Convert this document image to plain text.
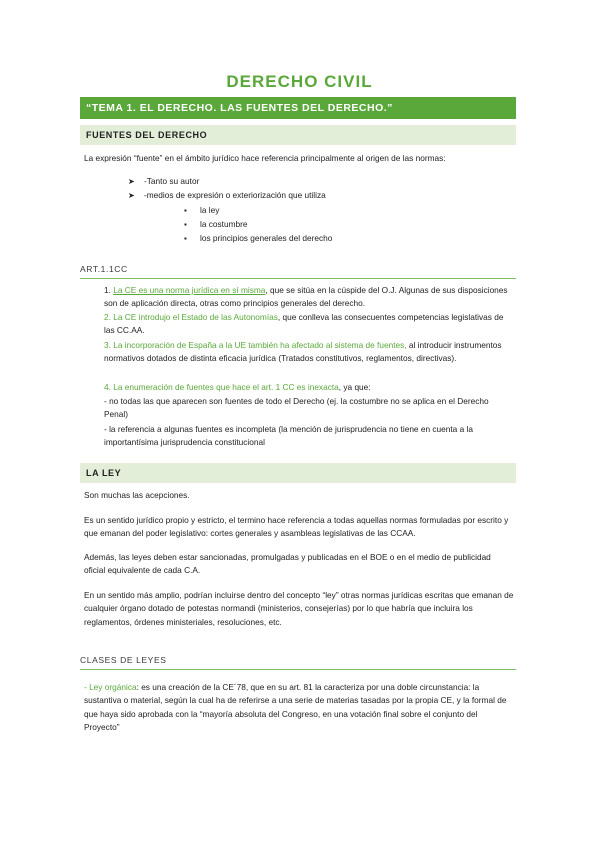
DERECHO CIVIL
“TEMA 1. EL DERECHO. LAS FUENTES DEL DERECHO.”
FUENTES DEL DERECHO
La expresión “fuente” en el ámbito jurídico hace referencia principalmente al origen de las normas:
➤ -Tanto su autor
➤ -medios de expresión o exteriorización que utiliza
▪ la ley
▪ la costumbre
▪ los principios generales del derecho
ART.1.1CC
1. La CE es una norma jurídica en sí misma, que se sitúa en la cúspide del O.J. Algunas de sus disposiciones son de aplicación directa, otras como principios generales del derecho.
2. La CE introdujo el Estado de las Autonomías, que conlleva las consecuentes competencias legislativas de las CC.AA.
3. La incorporación de España a la UE también ha afectado al sistema de fuentes, al introducir instrumentos normativos dotados de distinta eficacia jurídica (Tratados constitutivos, reglamentos, directivas).
4. La enumeración de fuentes que hace el art. 1 CC es inexacta, ya que:
- no todas las que aparecen son fuentes de todo el Derecho (ej. la costumbre no se aplica en el Derecho Penal)
- la referencia a algunas fuentes es incompleta (la mención de jurisprudencia no tiene en cuenta a la importantísima jurisprudencia constitucional
LA LEY
Son muchas las acepciones.
Es un sentido jurídico propio y estricto, el termino hace referencia a todas aquellas normas formuladas por escrito y que emanan del poder legislativo: cortes generales y asambleas legislativas de las CCAA.
Además, las leyes deben estar sancionadas, promulgadas y publicadas en el BOE o en el medio de publicidad oficial equivalente de cada C.A.
En un sentido más amplio, podrían incluirse dentro del concepto “ley” otras normas jurídicas escritas que emanan de cualquier órgano dotado de potestas normandi (ministerios, consejerías) por lo que habría que incluira los reglamentos, órdenes ministeriales, resoluciones, etc.
CLASES DE LEYES
- Ley orgánica: es una creación de la CE´78, que en su art. 81 la caracteriza por una doble circunstancia: la sustantiva o material, según la cual ha de referirse a una serie de materias tasadas por la propia CE, y la formal de que haya sido aprobada con la “mayoría absoluta del Congreso, en una votación final sobre el conjunto del Proyecto”
